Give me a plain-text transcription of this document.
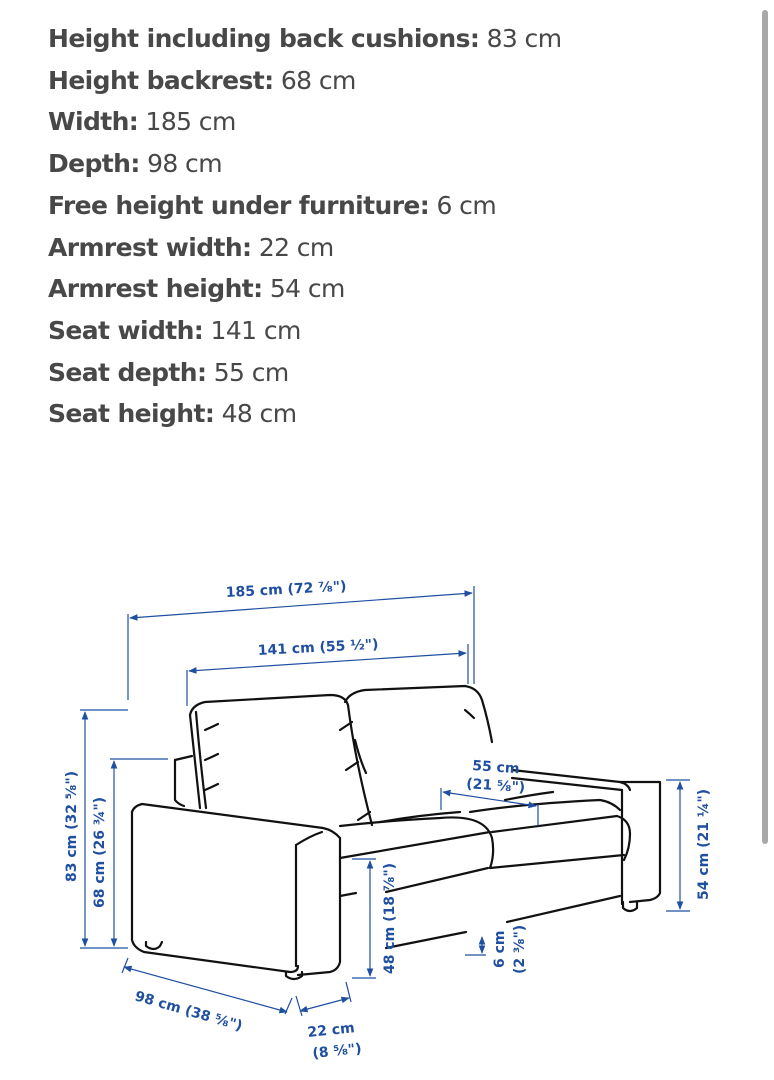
Height including back cushions: 83 cm
Height backrest: 68 cm
Width: 185 cm
Depth: 98 cm
Free height under furniture: 6 cm
Armrest width: 22 cm
Armrest height: 54 cm
Seat width: 141 cm
Seat depth: 55 cm
Seat height: 48 cm
185 cm (72 ⅞")
141 cm (55 ½")
83 cm (32 ⅝") 68 cm (26 ¾")
55 cm
(21 ⅝")
54 cm (21 ¼")
48 cm (18 ⅞")	6 cm (2 ⅜")
98 cm (38 ⅝")	22 cm
(8 ⅝")
